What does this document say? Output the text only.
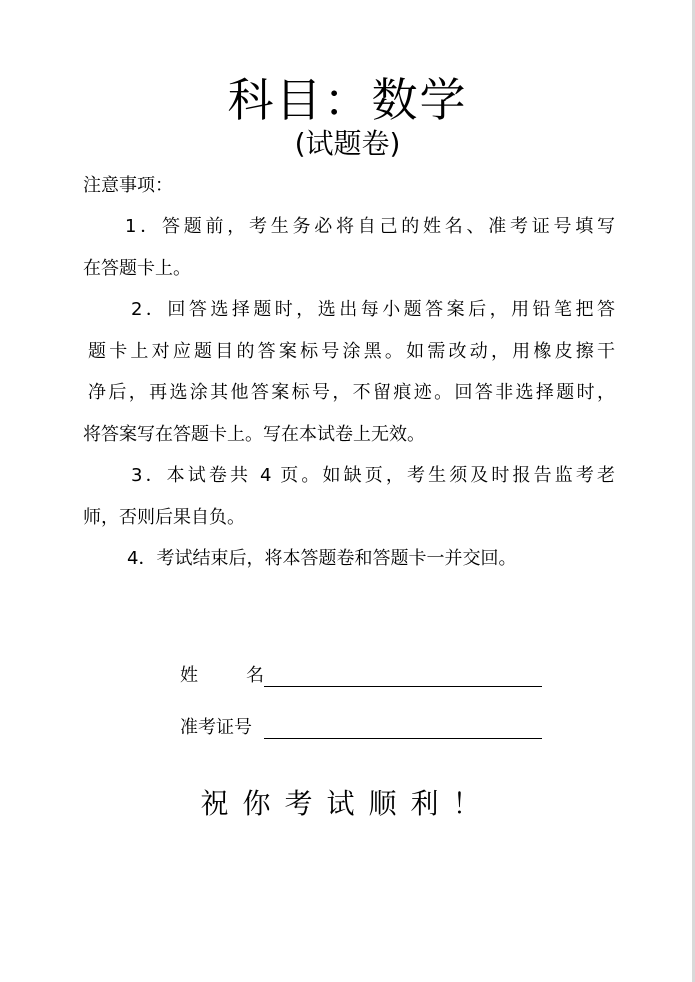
科目：数学
(试题卷)
注意事项：
1．答题前，考生务必将自己的姓名、准考证号填写
在答题卡上。
2．回答选择题时，选出每小题答案后，用铅笔把答
题卡上对应题目的答案标号涂黑。如需改动，用橡皮擦干
净后，再选涂其他答案标号，不留痕迹。回答非选择题时，
将答案写在答题卡上。写在本试卷上无效。
3．本试卷共 4 页。如缺页，考生须及时报告监考老
师，否则后果自负。
4．考试结束后，将本答题卷和答题卡一并交回。
姓名
准考证号
祝你考试顺利！
